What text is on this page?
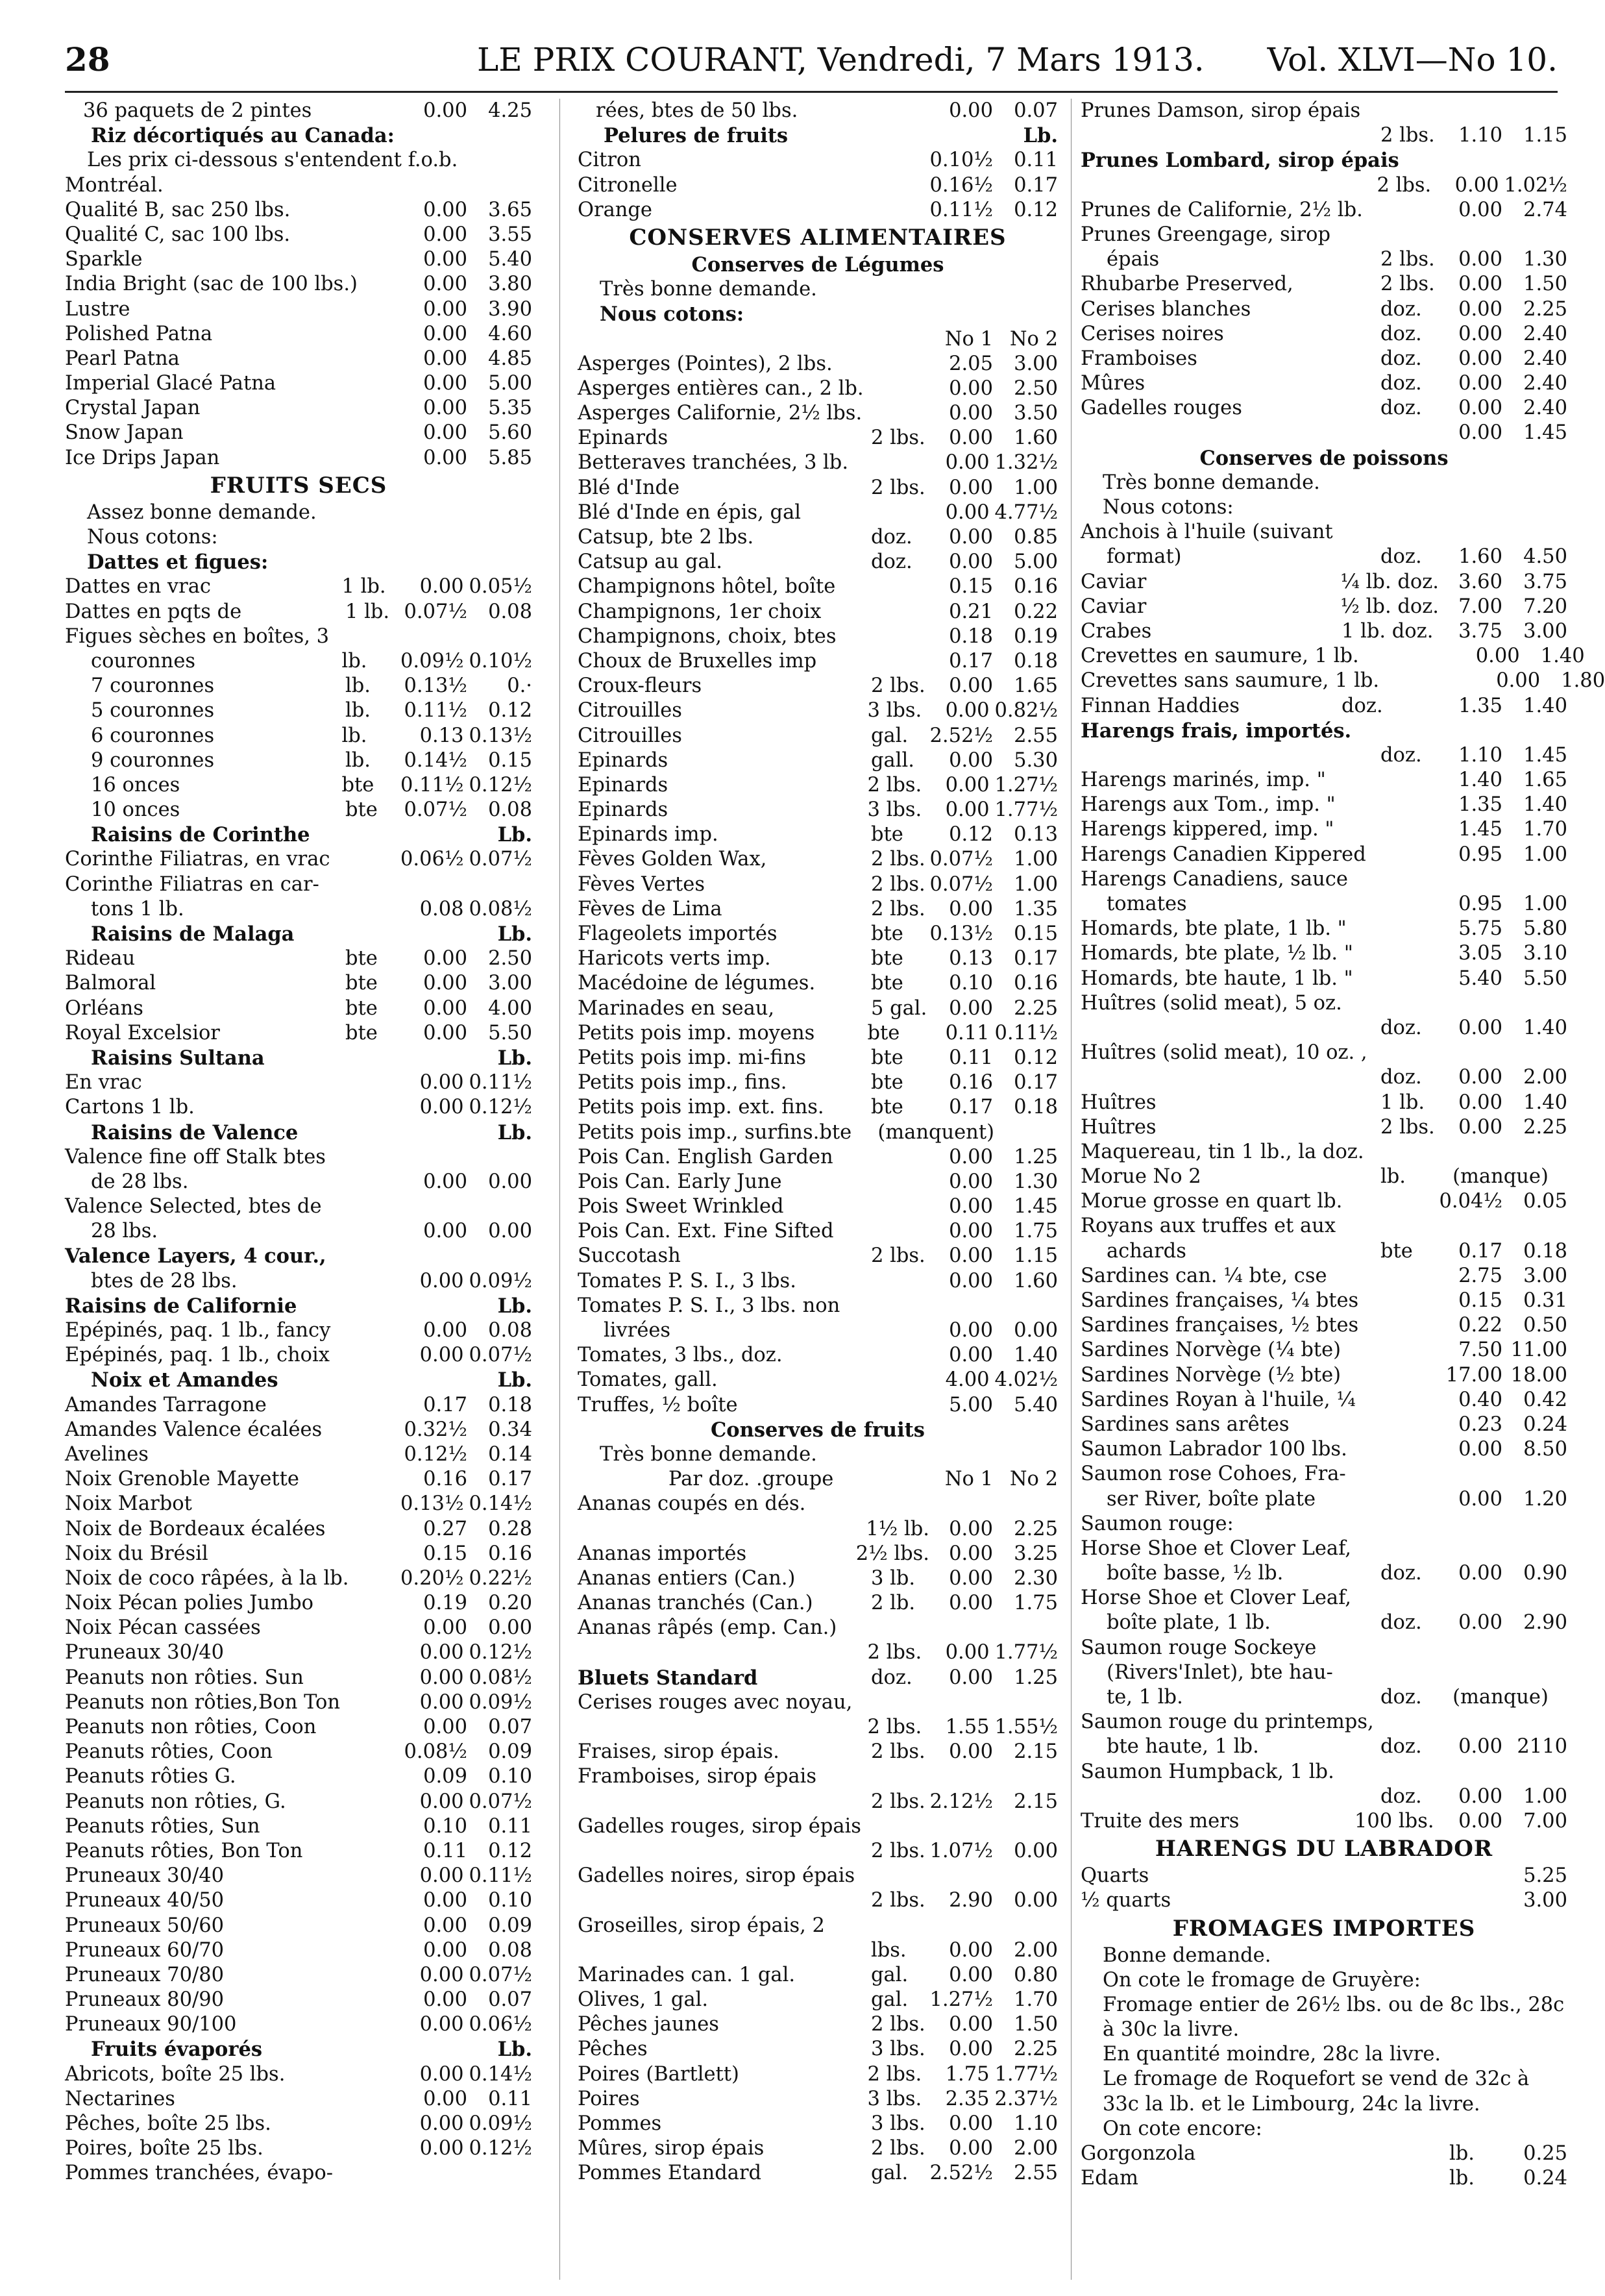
28	LE PRIX COURANT, Vendredi, 7 Mars 1913. Vol. XLVI—No 10.
36 paquets de 2 pintes	0.00	4.25
Riz décortiqués au Canada:
Les prix ci-dessous s'entendent f.o.b.
Montréal.
Qualité B, sac 250 lbs.	0.00	3.65
Qualité C, sac 100 lbs.	0.00	3.55
Sparkle	0.00	5.40
India Bright (sac de 100 lbs.)	0.00	3.80
Lustre	0.00	3.90
Polished Patna	0.00	4.60
Pearl Patna	0.00	4.85
Imperial Glacé Patna	0.00	5.00
Crystal Japan	0.00	5.35
Snow Japan	0.00	5.60
Ice Drips Japan	0.00	5.85
FRUITS SECS
Assez bonne demande.
Nous cotons:
Dattes et figues:
Dattes en vrac	1 lb.	0.00 0.05½
Dattes en pqts de	1 lb. 0.07½	0.08
Figues sèches en boîtes, 3
couronnes	lb.	0.09½ 0.10½
7 couronnes	lb.	0.13½	0.·
5 couronnes	lb.	0.11½	0.12
6 couronnes	lb.	0.13 0.13½
9 couronnes	lb.	0.14½	0.15
16 onces	bte	0.11½ 0.12½
10 onces	bte	0.07½	0.08
Raisins de Corinthe	Lb.
Corinthe Filiatras, en vrac	0.06½ 0.07½
Corinthe Filiatras en car-
tons 1 lb.	0.08 0.08½
Raisins de Malaga	Lb.
Rideau	bte	0.00	2.50
Balmoral	bte	0.00	3.00
Orléans	bte	0.00	4.00
Royal Excelsior	bte	0.00	5.50
Raisins Sultana	Lb.
En vrac	0.00 0.11½
Cartons 1 lb.	0.00 0.12½
Raisins de Valence	Lb.
Valence fine off Stalk btes
de 28 lbs.	0.00	0.00
Valence Selected, btes de
28 lbs.	0.00	0.00
Valence Layers, 4 cour.,
btes de 28 lbs.	0.00 0.09½
Raisins de Californie	Lb.
Epépinés, paq. 1 lb., fancy	0.00	0.08
Epépinés, paq. 1 lb., choix	0.00 0.07½
Noix et Amandes	Lb.
Amandes Tarragone	0.17	0.18
Amandes Valence écalées	0.32½	0.34
Avelines	0.12½	0.14
Noix Grenoble Mayette	0.16	0.17
Noix Marbot	0.13½ 0.14½
Noix de Bordeaux écalées	0.27	0.28
Noix du Brésil	0.15	0.16
Noix de coco râpées, à la lb.	0.20½ 0.22½
Noix Pécan polies Jumbo	0.19	0.20
Noix Pécan cassées	0.00	0.00
Pruneaux 30/40	0.00 0.12½
Peanuts non rôties. Sun	0.00 0.08½
Peanuts non rôties,Bon Ton	0.00 0.09½
Peanuts non rôties, Coon	0.00	0.07
Peanuts rôties, Coon	0.08½	0.09
Peanuts rôties G.	0.09	0.10
Peanuts non rôties, G.	0.00 0.07½
Peanuts rôties, Sun	0.10	0.11
Peanuts rôties, Bon Ton	0.11	0.12
Pruneaux 30/40	0.00 0.11½
Pruneaux 40/50	0.00	0.10
Pruneaux 50/60	0.00	0.09
Pruneaux 60/70	0.00	0.08
Pruneaux 70/80	0.00 0.07½
Pruneaux 80/90	0.00	0.07
Pruneaux 90/100	0.00 0.06½
Fruits évaporés	Lb.
Abricots, boîte 25 lbs.	0.00 0.14½
Nectarines	0.00	0.11
Pêches, boîte 25 lbs.	0.00 0.09½
Poires, boîte 25 lbs.	0.00 0.12½
Pommes tranchées, évapo-
rées, btes de 50 lbs.	0.00	0.07
Pelures de fruits	Lb.
Citron	0.10½	0.11
Citronelle	0.16½	0.17
Orange	0.11½	0.12
CONSERVES ALIMENTAIRES
Conserves de Légumes
Très bonne demande.
Nous cotons:
No 1 No 2
Asperges (Pointes), 2 lbs.	2.05	3.00
Asperges entières can., 2 lb.	0.00	2.50
Asperges Californie, 2½ lbs.	0.00	3.50
Epinards	2 lbs.	0.00	1.60
Betteraves tranchées, 3 lb.	0.00 1.32½
Blé d'Inde	2 lbs.	0.00	1.00
Blé d'Inde en épis, gal	0.00 4.77½
Catsup, bte 2 lbs.	doz.	0.00	0.85
Catsup au gal.	doz.	0.00	5.00
Champignons hôtel, boîte	0.15	0.16
Champignons, 1er choix	0.21	0.22
Champignons, choix, btes	0.18	0.19
Choux de Bruxelles imp	0.17	0.18
Croux-fleurs	2 lbs.	0.00	1.65
Citrouilles	3 lbs.	0.00 0.82½
Citrouilles	gal.	2.52½	2.55
Epinards	gall.	0.00	5.30
Epinards	2 lbs.	0.00 1.27½
Epinards	3 lbs.	0.00 1.77½
Epinards imp.	bte	0.12	0.13
Fèves Golden Wax,	2 lbs. 0.07½	1.00
Fèves Vertes	2 lbs. 0.07½	1.00
Fèves de Lima	2 lbs.	0.00	1.35
Flageolets importés	bte	0.13½	0.15
Haricots verts imp.	bte	0.13	0.17
Macédoine de légumes.	bte	0.10	0.16
Marinades en seau,	5 gal.	0.00	2.25
Petits pois imp. moyens	bte	0.11 0.11½
Petits pois imp. mi-fins	bte	0.11	0.12
Petits pois imp., fins.	bte	0.16	0.17
Petits pois imp. ext. fins.	bte	0.17	0.18
Petits pois imp., surfins. bte	(manquent)
Pois Can. English Garden	0.00	1.25
Pois Can. Early June	0.00	1.30
Pois Sweet Wrinkled	0.00	1.45
Pois Can. Ext. Fine Sifted	0.00	1.75
Succotash	2 lbs.	0.00	1.15
Tomates P. S. I., 3 lbs.	0.00	1.60
Tomates P. S. I., 3 lbs. non
livrées	0.00	0.00
Tomates, 3 lbs., doz.	0.00	1.40
Tomates, gall.	4.00 4.02½
Truffes, ½ boîte	5.00	5.40
Conserves de fruits
Très bonne demande.
Par doz. .groupe	No 1 No 2
Ananas coupés en dés.
1½ lb. 0.00	2.25
Ananas importés	2½ lbs. 0.00	3.25
Ananas entiers (Can.)	3 lb.	0.00	2.30
Ananas tranchés (Can.)	2 lb.	0.00	1.75
Ananas râpés (emp. Can.)
2 lbs.	0.00 1.77½
Bluets Standard	doz.	0.00	1.25
Cerises rouges avec noyau,
2 lbs.	1.55 1.55½
Fraises, sirop épais.	2 lbs.	0.00	2.15
Framboises, sirop épais
2 lbs. 2.12½	2.15
Gadelles rouges, sirop épais
2 lbs. 1.07½	0.00
Gadelles noires, sirop épais
2 lbs.	2.90	0.00
Groseilles, sirop épais, 2
lbs.	0.00	2.00
Marinades can. 1 gal.	gal.	0.00	0.80
Olives, 1 gal.	gal.	1.27½	1.70
Pêches jaunes	2 lbs.	0.00	1.50
Pêches	3 lbs.	0.00	2.25
Poires (Bartlett)	2 lbs.	1.75 1.77½
Poires	3 lbs.	2.35 2.37½
Pommes	3 lbs.	0.00	1.10
Mûres, sirop épais	2 lbs.	0.00	2.00
Pommes Etandard	gal.	2.52½	2.55
Prunes Damson, sirop épais
2 lbs.	1.10	1.15
Prunes Lombard, sirop épais
2 lbs.	0.00 1.02½
Prunes de Californie, 2½ lb.	0.00	2.74
Prunes Greengage, sirop
épais	2 lbs.	0.00	1.30
Rhubarbe Preserved,	2 lbs.	0.00	1.50
Cerises blanches	doz.	0.00	2.25
Cerises noires	doz.	0.00	2.40
Framboises	doz.	0.00	2.40
Mûres	doz.	0.00	2.40
Gadelles rouges	doz.	0.00	2.40
0.00	1.45
Conserves de poissons
Très bonne demande.
Nous cotons:
Anchois à l'huile (suivant
format)	doz.	1.60	4.50
Caviar	¼ lb. doz. 3.60	3.75
Caviar	½ lb. doz. 7.00	7.20
Crabes	1 lb. doz.	3.75	3.00
Crevettes en saumure, 1 lb.	0.00	1.40
Crevettes sans saumure, 1 lb.	0.00	1.80
Finnan Haddies	doz.	1.35	1.40
Harengs frais, importés.
doz.	1.10	1.45
Harengs marinés, imp. "	1.40	1.65
Harengs aux Tom., imp. "	1.35	1.40
Harengs kippered, imp. "	1.45	1.70
Harengs Canadien Kippered	0.95	1.00
Harengs Canadiens, sauce
tomates	0.95	1.00
Homards, bte plate, 1 lb. "	5.75	5.80
Homards, bte plate, ½ lb. "	3.05	3.10
Homards, bte haute, 1 lb. "	5.40	5.50
Huîtres (solid meat), 5 oz.
doz.	0.00	1.40
Huîtres (solid meat), 10 oz. ,
doz.	0.00	2.00
Huîtres	1 lb.	0.00	1.40
Huîtres	2 lbs.	0.00	2.25
Maquereau, tin 1 lb., la doz.
Morue No 2	lb.	(manque)
Morue grosse en quart lb.	0.04½	0.05
Royans aux truffes et aux
achards	bte	0.17	0.18
Sardines can. ¼ bte, cse	2.75	3.00
Sardines françaises, ¼ btes	0.15	0.31
Sardines françaises, ½ btes	0.22	0.50
Sardines Norvège (¼ bte)	7.50 11.00
Sardines Norvège (½ bte)	17.00 18.00
Sardines Royan à l'huile, ¼	0.40	0.42
Sardines sans arêtes	0.23	0.24
Saumon Labrador 100 lbs.	0.00	8.50
Saumon rose Cohoes, Fra-
ser River, boîte plate	0.00	1.20
Saumon rouge:
Horse Shoe et Clover Leaf,
boîte basse, ½ lb.	doz.	0.00	0.90
Horse Shoe et Clover Leaf,
boîte plate, 1 lb.	doz.	0.00	2.90
Saumon rouge Sockeye
(Rivers'Inlet), bte hau-
te, 1 lb.	doz.	(manque)
Saumon rouge du printemps,
bte haute, 1 lb.	doz.	0.00 2110
Saumon Humpback, 1 lb.
doz.	0.00	1.00
Truite des mers	100 lbs.	0.00	7.00
HARENGS DU LABRADOR
Quarts	5.25
½ quarts	3.00
FROMAGES IMPORTES
Bonne demande.
On cote le fromage de Gruyère:
Fromage entier de 26½ lbs. ou de 8c lbs., 28c à 30c la livre.
En quantité moindre, 28c la livre.
Le fromage de Roquefort se vend de 32c à 33c la lb. et le Limbourg, 24c la livre.
On cote encore:
Gorgonzola	lb.	0.25
Edam	lb.	0.24
